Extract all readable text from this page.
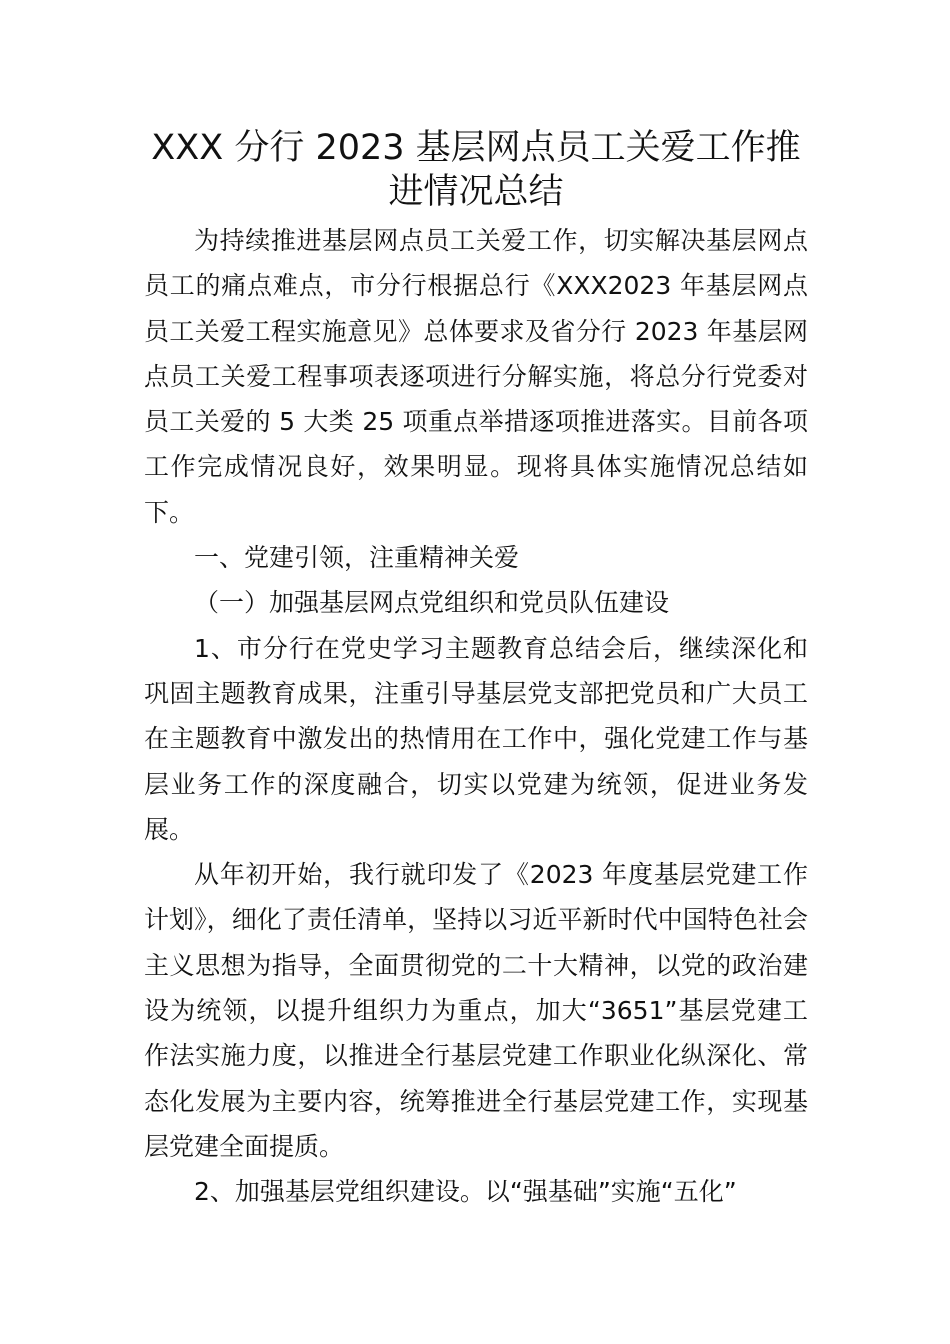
XXX 分行 2023 基层网点员工关爱工作推进情况总结

为持续推进基层网点员工关爱工作，切实解决基层网点员工的痛点难点，市分行根据总行《XXX2023 年基层网点员工关爱工程实施意见》总体要求及省分行 2023 年基层网点员工关爱工程事项表逐项进行分解实施，将总分行党委对员工关爱的 5 大类 25 项重点举措逐项推进落实。目前各项工作完成情况良好，效果明显。现将具体实施情况总结如下。

一、党建引领，注重精神关爱

（一）加强基层网点党组织和党员队伍建设

1、市分行在党史学习主题教育总结会后，继续深化和巩固主题教育成果，注重引导基层党支部把党员和广大员工在主题教育中激发出的热情用在工作中，强化党建工作与基层业务工作的深度融合，切实以党建为统领，促进业务发展。

从年初开始，我行就印发了《2023 年度基层党建工作计划》，细化了责任清单，坚持以习近平新时代中国特色社会主义思想为指导，全面贯彻党的二十大精神，以党的政治建设为统领，以提升组织力为重点，加大“3651”基层党建工作法实施力度，以推进全行基层党建工作职业化纵深化、常态化发展为主要内容，统筹推进全行基层党建工作，实现基层党建全面提质。

2、加强基层党组织建设。以“强基础”实施“五化”
